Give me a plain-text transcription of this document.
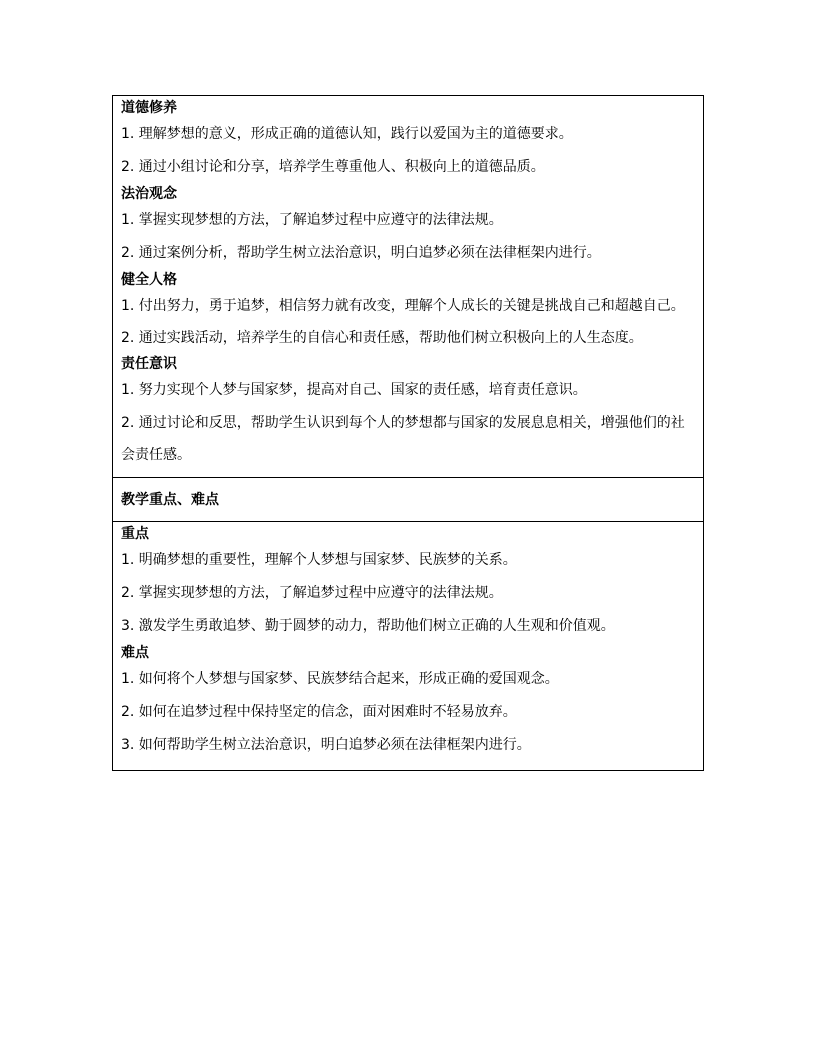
道德修养

1. 理解梦想的意义，形成正确的道德认知，践行以爱国为主的道德要求。

2. 通过小组讨论和分享，培养学生尊重他人、积极向上的道德品质。

法治观念

1. 掌握实现梦想的方法，了解追梦过程中应遵守的法律法规。

2. 通过案例分析，帮助学生树立法治意识，明白追梦必须在法律框架内进行。

健全人格

1. 付出努力，勇于追梦，相信努力就有改变，理解个人成长的关键是挑战自己和超越自己。

2. 通过实践活动，培养学生的自信心和责任感，帮助他们树立积极向上的人生态度。

责任意识

1. 努力实现个人梦与国家梦，提高对自己、国家的责任感，培育责任意识。

2. 通过讨论和反思，帮助学生认识到每个人的梦想都与国家的发展息息相关，增强他们的社会责任感。

教学重点、难点

重点

1. 明确梦想的重要性，理解个人梦想与国家梦、民族梦的关系。

2. 掌握实现梦想的方法，了解追梦过程中应遵守的法律法规。

3. 激发学生勇敢追梦、勤于圆梦的动力，帮助他们树立正确的人生观和价值观。

难点

1. 如何将个人梦想与国家梦、民族梦结合起来，形成正确的爱国观念。

2. 如何在追梦过程中保持坚定的信念，面对困难时不轻易放弃。

3. 如何帮助学生树立法治意识，明白追梦必须在法律框架内进行。
